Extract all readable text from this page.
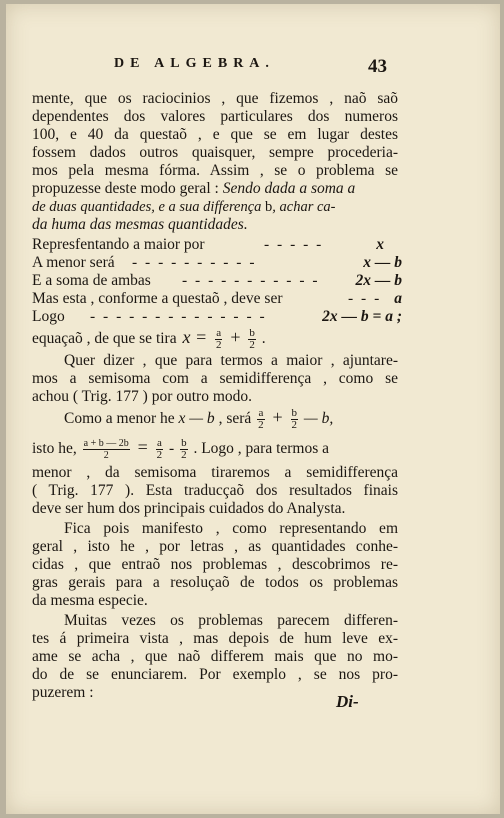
DE ALGEBRA.	43
mente, que os raciocinios , que fizemos , naõ saõ
dependentes dos valores particulares dos numeros
100, e 40 da questaõ , e que se em lugar destes
fossem dados outros quaisquer, sempre procederia-
mos pela mesma fórma. Assim , se o problema se
propuzesse deste modo geral : Sendo dada a soma a
de duas quantidades, e a sua differença b, achar ca-
da huma das mesmas quantidades.
Represfentando a maior por	- - - - -	x
A menor será - - - - - - - - - -	x — b
E a soma de ambas - - - - - - - - - - - 2x — b
Mas esta , conforme a questaõ , deve ser	- - - a
Logo - - - - - - - - - - - - - -	2x — b = a ;
equaçaõ , de que se tira $x = \frac{a}{2} + \frac{b}{2}$ .
Quer dizer , que para termos a maior , ajuntare-
mos a semisoma com a semidifferença , como se
achou ( Trig. 177 ) por outro modo.
Como a menor he x — b , será $\frac{a}{2} + \frac{b}{2}$ — b,
isto he, $\frac{a + b — 2b}{2} = \frac{a}{2} - \frac{b}{2}$ . Logo , para termos a
menor , da semisoma tiraremos a semidifferença
( Trig. 177 ). Esta traducçaõ dos resultados finais
deve ser hum dos principais cuidados do Analysta.
Fica pois manifesto , como representando em
geral , isto he , por letras , as quantidades conhe-
cidas , que entraõ nos problemas , descobrimos re-
gras gerais para a resoluçaõ de todos os problemas
da mesma especie.
Muitas vezes os problemas parecem differen-
tes á primeira vista , mas depois de hum leve ex-
ame se acha , que naõ differem mais que no mo-
do de se enunciarem. Por exemplo , se nos pro-
puzerem :	Di-
